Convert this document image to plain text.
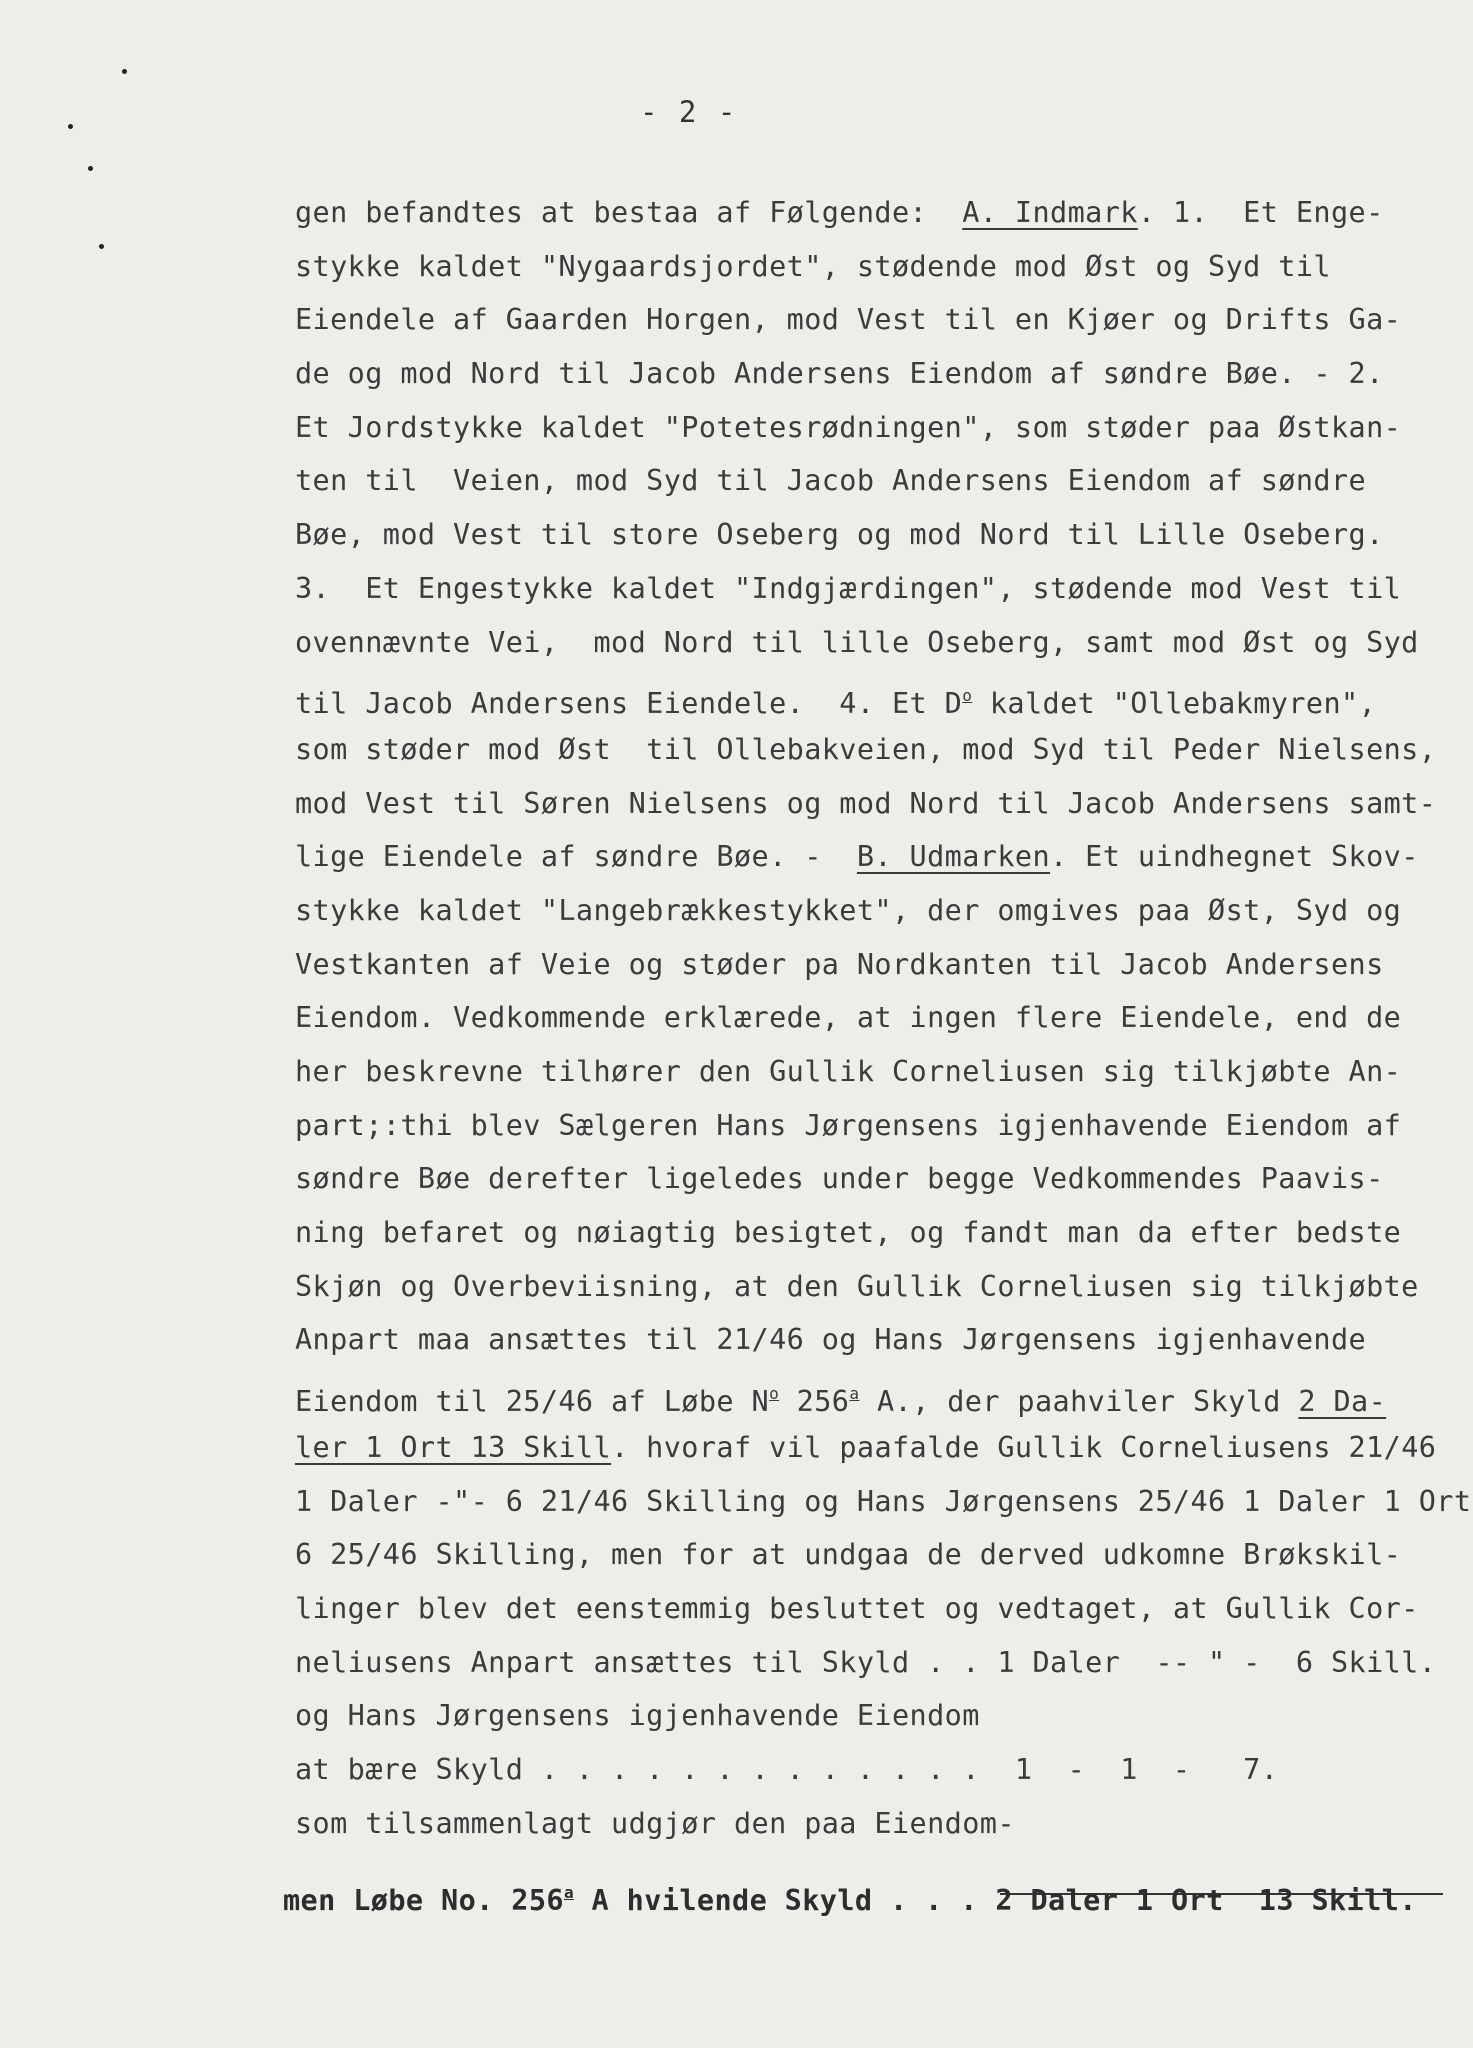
- 2 -
gen befandtes at bestaa af Følgende:  A. Indmark. 1.  Et Enge-
stykke kaldet "Nygaardsjordet", stødende mod Øst og Syd til
Eiendele af Gaarden Horgen, mod Vest til en Kjøer og Drifts Ga-
de og mod Nord til Jacob Andersens Eiendom af søndre Bøe. - 2.
Et Jordstykke kaldet "Potetesrødningen", som støder paa Østkan-
ten til  Veien, mod Syd til Jacob Andersens Eiendom af søndre
Bøe, mod Vest til store Oseberg og mod Nord til Lille Oseberg.
3.  Et Engestykke kaldet "Indgjærdingen", stødende mod Vest til
ovennævnte Vei,  mod Nord til lille Oseberg, samt mod Øst og Syd
til Jacob Andersens Eiendele.  4. Et $D^o$ kaldet "Ollebakmyren",
som støder mod Øst  til Ollebakveien, mod Syd til Peder Nielsens,
mod Vest til Søren Nielsens og mod Nord til Jacob Andersens samt-
lige Eiendele af søndre Bøe. -  B. Udmarken. Et uindhegnet Skov-
stykke kaldet "Langebrækkestykket", der omgives paa Øst, Syd og
Vestkanten af Veie og støder pa Nordkanten til Jacob Andersens
Eiendom. Vedkommende erklærede, at ingen flere Eiendele, end de
her beskrevne tilhører den Gullik Corneliusen sig tilkjøbte An-
part;:thi blev Sælgeren Hans Jørgensens igjenhavende Eiendom af
søndre Bøe derefter ligeledes under begge Vedkommendes Paavis-
ning befaret og nøiagtig besigtet, og fandt man da efter bedste
Skjøn og Overbeviisning, at den Gullik Corneliusen sig tilkjøbte
Anpart maa ansættes til 21/46 og Hans Jørgensens igjenhavende
Eiendom til 25/46 af Løbe $N^o$ 256$^a$ A., der paahviler Skyld 2 Da-
ler 1 Ort 13 Skill. hvoraf vil paafalde Gullik Corneliusens 21/46
1 Daler -"- 6 21/46 Skilling og Hans Jørgensens 25/46 1 Daler 1 Ort
6 25/46 Skilling, men for at undgaa de derved udkomne Brøkskil-
linger blev det eenstemmig besluttet og vedtaget, at Gullik Cor-
neliusens Anpart ansættes til Skyld . . 1 Daler  -- " -  6 Skill.
og Hans Jørgensens igjenhavende Eiendom
at bære Skyld . . . . . . . . . . . . .  1  -  1  -   7.
som tilsammenlagt udgjør den paa Eiendom-
men Løbe No. 256$^a$ A hvilende Skyld . . . 2 Daler 1 Ort  13 Skill.
